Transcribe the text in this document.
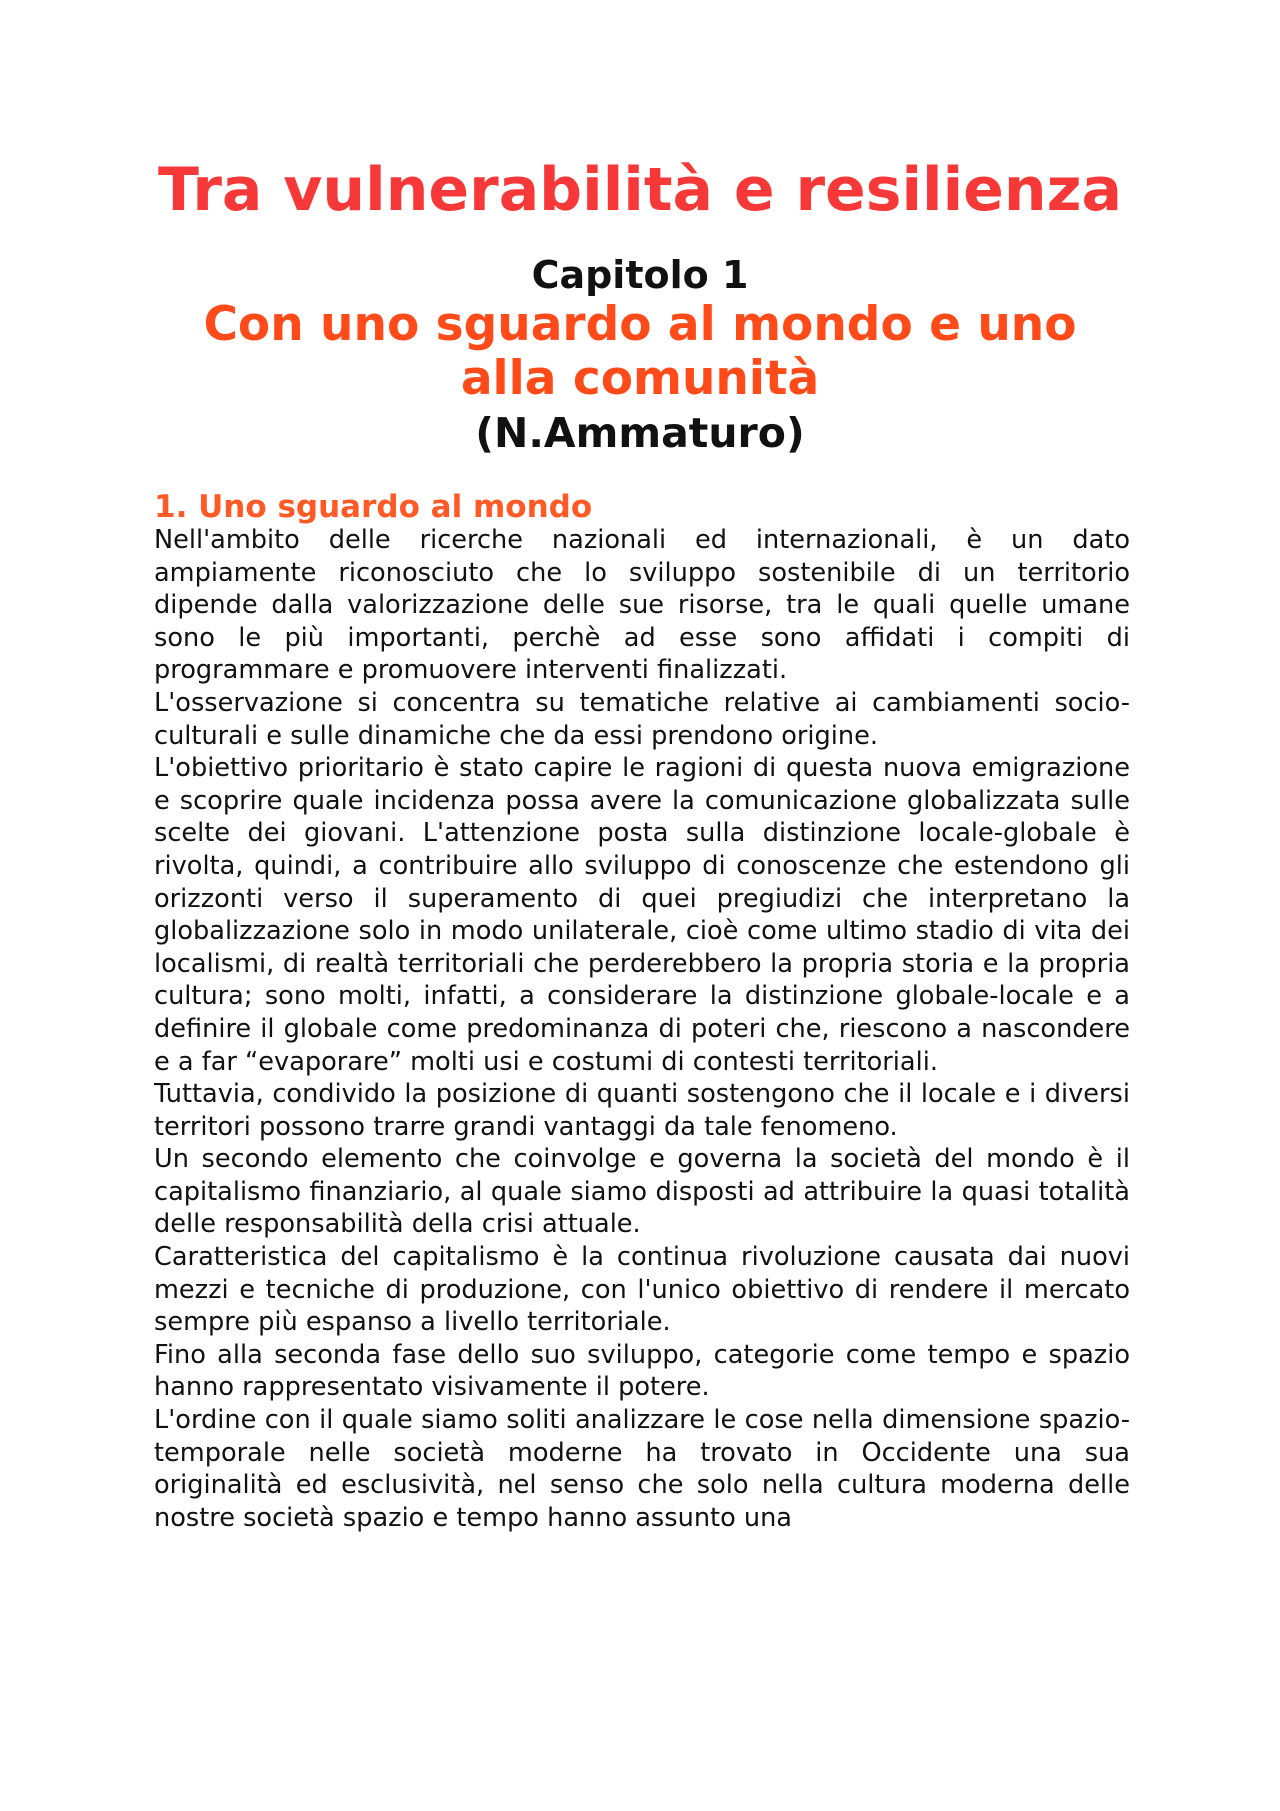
Tra vulnerabilità e resilienza
Capitolo 1
Con uno sguardo al mondo e uno alla comunità
(N.Ammaturo)
1. Uno sguardo al mondo

Nell'ambito delle ricerche nazionali ed internazionali, è un dato ampiamente riconosciuto che lo sviluppo sostenibile di un territorio dipende dalla valorizzazione delle sue risorse, tra le quali quelle umane sono le più importanti, perchè ad esse sono affidati i compiti di programmare e promuovere interventi finalizzati.

L'osservazione si concentra su tematiche relative ai cambiamenti socio-culturali e sulle dinamiche che da essi prendono origine.

L'obiettivo prioritario è stato capire le ragioni di questa nuova emigrazione e scoprire quale incidenza possa avere la comunicazione globalizzata sulle scelte dei giovani. L'attenzione posta sulla distinzione locale-globale è rivolta, quindi, a contribuire allo sviluppo di conoscenze che estendono gli orizzonti verso il superamento di quei pregiudizi che interpretano la globalizzazione solo in modo unilaterale, cioè come ultimo stadio di vita dei localismi, di realtà territoriali che perderebbero la propria storia e la propria cultura; sono molti, infatti, a considerare la distinzione globale-locale e a definire il globale come predominanza di poteri che, riescono a nascondere e a far “evaporare” molti usi e costumi di contesti territoriali.

Tuttavia, condivido la posizione di quanti sostengono che il locale e i diversi territori possono trarre grandi vantaggi da tale fenomeno.

Un secondo elemento che coinvolge e governa la società del mondo è il capitalismo finanziario, al quale siamo disposti ad attribuire la quasi totalità delle responsabilità della crisi attuale.

Caratteristica del capitalismo è la continua rivoluzione causata dai nuovi mezzi e tecniche di produzione, con l'unico obiettivo di rendere il mercato sempre più espanso a livello territoriale.

Fino alla seconda fase dello suo sviluppo, categorie come tempo e spazio hanno rappresentato visivamente il potere.

L'ordine con il quale siamo soliti analizzare le cose nella dimensione spazio-temporale nelle società moderne ha trovato in Occidente una sua originalità ed esclusività, nel senso che solo nella cultura moderna delle nostre società spazio e tempo hanno assunto una
